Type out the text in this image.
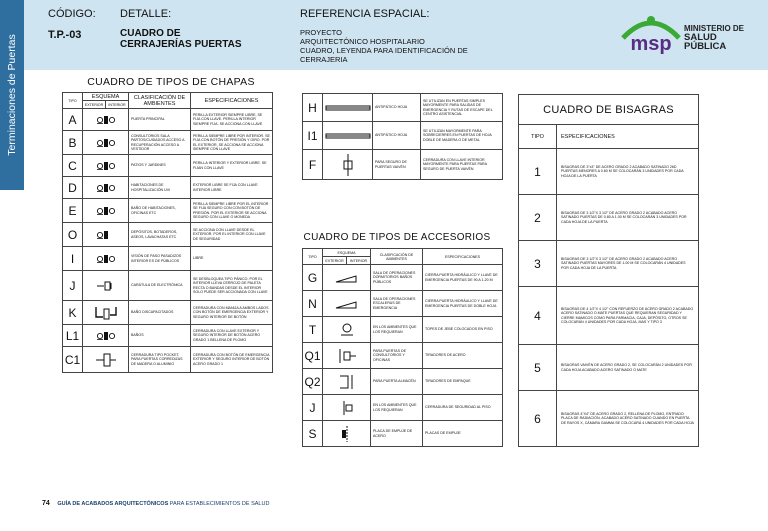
Terminaciones de Puertas
CÓDIGO:
T.P.-03
DETALLE:
CUADRO DE
CERRAJERÍAS PUERTAS
REFERENCIA ESPACIAL:
PROYECTO
ARQUITECTÓNICO HOSPITALARIO
CUADRO, LEYENDA PARA IDENTIFICACIÓN DE
CERRAJERIA
msp
MINISTERIO DE
SALUD PÚBLICA
CUADRO DE TIPOS DE CHAPAS
TIPO	ESQUEMA		CLASIFICACIÓN DE AMBIENTES	ESPECIFICACIONES
	EXTERIOR	INTERIOR		
A			PUERTA PRINCIPAL	PERILLA EXTERIOR SIEMPRE LIBRE, SE FIJA CON LLAVE. PERILLA INTERIOR SIEMPRE FIJA. SE ACCIONA CON LLAVE
B			CONSULTORIOS SALA PARTOS/CUIDADOS ACCESO A RECUPERACIÓN ACCESO A VESTIDOR	PERILLA SIEMPRE LIBRE POR INTERIOR. SE FIJA CON BOTÓN DE PRESIÓN Y GIRO. POR EL EXTERIOR, SE ACCIONA SE ACCIONA SIEMPRE CON LLAVE
C			PATIOS Y JARDINES	PERILLA INTERIOR Y EXTERIOR LIBRE. SE FIJAN CON LLAVE
D			HABITACIONES DE HOSPITALIZACIÓN UVI	EXTERIOR LIBRE SE FIJA CON LLAVE INTERIOR LIBRE
E			BAÑO DE HABITACIONES, OFICINAS ETC	PERILLA SIEMPRE LIBRE POR EL INTERIOR SE FIJA SEGURO CON CON BOTÓN DE PRESIÓN. POR EL EXTERIOR SE ACCIONA SEGURO CON LLAVE O MONEDA
O			DEPÓSITOS, BOTADEROS, ASEOS, LAVACHATAS ETC	SE ACCIONA CON LLAVE DESDE EL EXTERIOR. POR EL INTERIOR CON LLAVE DE SEGURIDAD
I			VISIÓN DE PASO PASADIZOS INTERIOR ES DE PÚBLICOS	LIBRE
J			CARÁTULA DE ELECTRÓNICA	SE DESBLOQUEA TIPO PÁNICO. POR EL INTERIOR LLEVA CERROJO DE PALETA RECTA O BANDAS DESDE EL INTERIOR SOLO PUEDE SER ACCIONADA CON LLAVE
K			BAÑO DISCAPACITADOS	CERRADURA CON MANIJA A AMBOS LADOS CON BOTÓN DE EMERGENCIA EXTERIOR Y SEGURO INTERIOR DE BOTÓN
L1			BAÑOS	CERRADURA CON LLAVE EXTERIOR Y SEGURO INTERIOR DE BOTÓN ACERO GRADO 1 BELLENA DE PLOMO
C1			CERRADURA TIPO POCKET, PARA PUERTAS CORREDIZAS DE MADERA O ALUMINIO	CERRADURA CON BOTÓN DE EMERGENCIA EXTERIOR Y SEGURO INTERIOR DE BOTÓN ACERO GRADO 1
H		ANTIPÁTICO HOJA	SE UTILIZAN EN PUERTAS SIMPLES MAYORMENTE PARA SALIDAS DE EMERGENCIA Y RUTAS DE ESCAPE DEL CENTRO ASISTENCIAL
I1		ANTIPÁTICO HOJA	SE UTILIZAN MAYORMENTE PARA SOBRECIERRES EN PUERTAS DE HOJA DOBLE DE MADERA O DE METAL
F		PARA SEGURO DE PUERTAS VAIVÉN	CERRADURA CON LLAVE INTERIOR MAYORMENTE PARA PUERTAS PARA SEGURO DE PUERTA VAIVÉN
CUADRO DE TIPOS DE ACCESORIOS
TIPO	ESQUEMA		CLASIFICACIÓN DE AMBIENTES	ESPECIFICACIONES
	EXTERIOR	INTERIOR		
G			SALA DE OPERACIONES DORMITORIOS BAÑOS PÚBLICOS	CIERRA PUERTA HIDRÁULICO Y LLAVE DE EMERGENCIA PUERTAS DE 90 A 1.20 M
N			SALA DE OPERACIONES ESCALERAS DE EMERGENCIA	CIERRA PUERTA HIDRÁULICO Y LLAVE DE EMERGENCIA PUERTAS DE DOBLE HOJA
T			EN LOS AMBIENTES QUE LOS REQUIERAN	TOPES DE JEBE COLOCADOS EN PISO
Q1			PARA PUERTAS DE CONSULTORIOS Y OFICINAS	TIRADORES DE ACERO
Q2			PARA PUERTA ALMACÉN	TIRADORES DE EMPAQUE
J			EN LOS AMBIENTES QUE LOS REQUIERAN	CERRADURA DE SEGURIDAD AL PISO
S			PLACA DE EMPUJE DE ACERO	PLACAS DE EMPUJE
CUADRO DE BISAGRAS	
TIPO	ESPECIFICACIONES
1	BISAGRAS DE 3"x3" DE ACERO GRADO 2 ACABADO SATINADO 26D PUERTAS MENORES A 0.60 M SE COLOCARÁN 3 UNIDADES POR CADA HOJA DE LA PUERTA
2	BISAGRAS DE 3 1/2"X 3 1/2" DE ACERO GRADO 2 ACABADO ACERO SATINADO PUERTAS DE 0.80 A 1.00 M SE COLOCARÁN 3 UNIDADES POR CADA HOJA DE LA PUERTA
3	BISAGRAS DE 3 1/2"X 3 1/2" DE ACERO GRADO 2 ACABADO ACERO SATINADO PUERTAS MAYORES DE 1.00 M SE COLOCARÁN 4 UNIDADES POR CADA HOJA DE LA PUERTA
4	BISAGRAS DE 4 1/2"X 4 1/2" CON REFUERZO DE ACERO GRADO 2 ACABADO ACERO SATINADO O MATE PUERTAS QUE REQUIERAN SEGURIDAD Y CIERRE MAMICOS COMO PARA FARMACIA, CAJA, DEPÓSITO, OTROS SE COLOCARÁN 4 UNIDADES POR CADA HOJA, MAS Y TIPO 3
5	BISAGRAS VAIVÉN DE ACERO GRADO 2, SE COLOCARÁN 2 UNIDADES POR CADA HOJA ACABADO ACERO SATINADO O MATE
6	BISAGRAS 4"X4" DE ACERO GRADO 2, RELLENA DE PLOMO, ENTRADO PLACA DE RADIACIÓN, ACABADO ACERO SATINADO CUANDO EN PUERTA DE RAYOS X, CÁMARA GAMMA SE COLOCARÁ 4 UNIDADES POR CADA HOJA
74 GUÍA DE ACABADOS ARQUITECTÓNICOS PARA ESTABLECIMIENTOS DE SALUD
